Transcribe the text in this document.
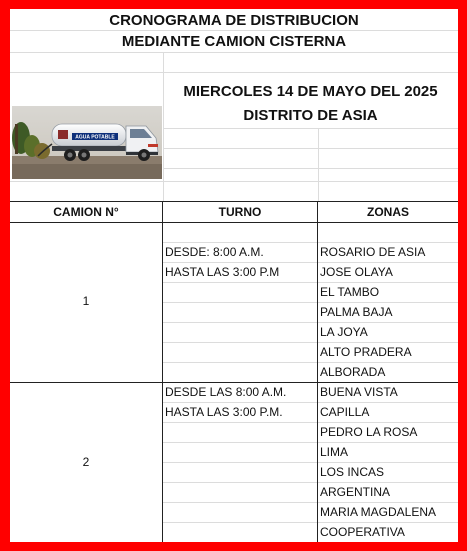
CRONOGRAMA DE DISTRIBUCION
MEDIANTE CAMION CISTERNA
MIERCOLES 14 DE MAYO DEL 2025
DISTRITO DE ASIA
AGUA POTABLE
CAMION N°	TURNO	ZONAS
1
DESDE: 8:00 A.M.
HASTA LAS 3:00 P.M
ROSARIO DE ASIA
JOSE OLAYA
EL TAMBO
PALMA BAJA
LA JOYA
ALTO PRADERA
ALBORADA
2
DESDE LAS 8:00 A.M.
HASTA LAS 3:00 P.M.
BUENA VISTA
CAPILLA
PEDRO LA ROSA
LIMA
LOS INCAS
ARGENTINA
MARIA MAGDALENA
COOPERATIVA
